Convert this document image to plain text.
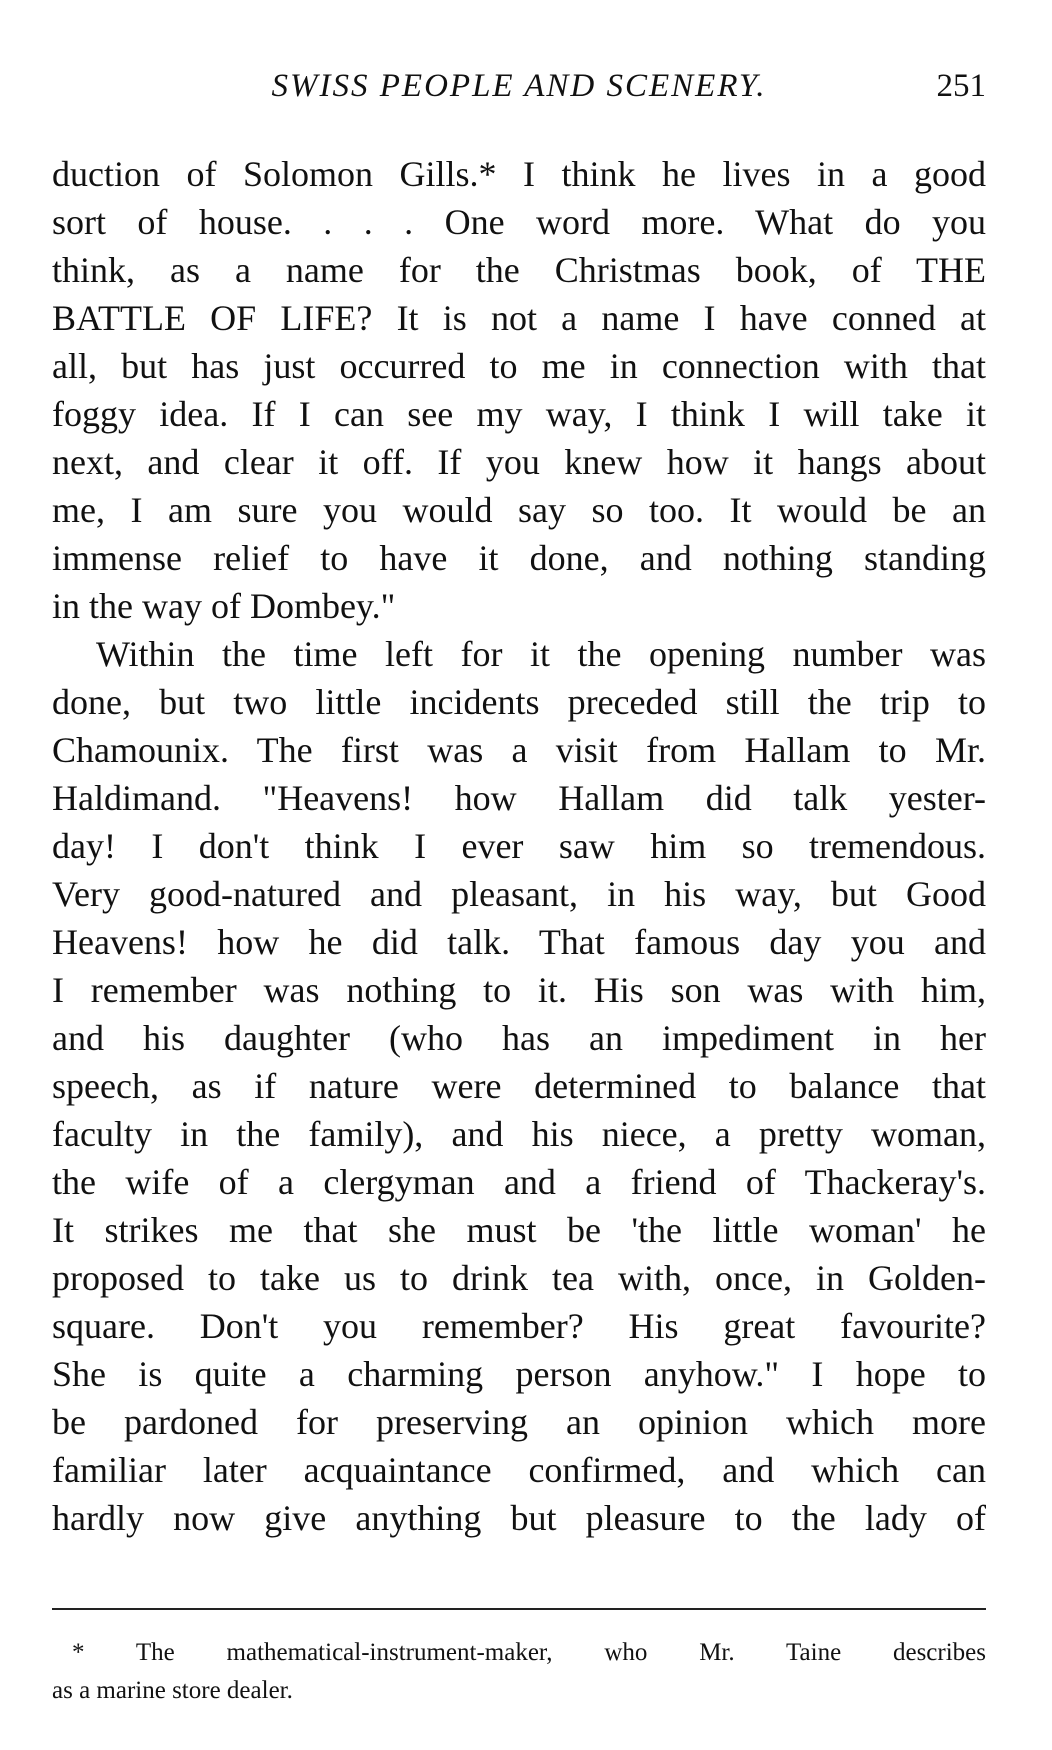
SWISS PEOPLE AND SCENERY.	251
duction of Solomon Gills.* I think he lives in a good
sort of house. . . . One word more. What do you
think, as a name for the Christmas book, of THE
BATTLE OF LIFE? It is not a name I have conned at
all, but has just occurred to me in connection with that
foggy idea. If I can see my way, I think I will take it
next, and clear it off. If you knew how it hangs about
me, I am sure you would say so too. It would be an
immense relief to have it done, and nothing standing
in the way of Dombey."
Within the time left for it the opening number was
done, but two little incidents preceded still the trip to
Chamounix. The first was a visit from Hallam to Mr.
Haldimand. "Heavens! how Hallam did talk yester-
day! I don't think I ever saw him so tremendous.
Very good-natured and pleasant, in his way, but Good
Heavens! how he did talk. That famous day you and
I remember was nothing to it. His son was with him,
and his daughter (who has an impediment in her
speech, as if nature were determined to balance that
faculty in the family), and his niece, a pretty woman,
the wife of a clergyman and a friend of Thackeray's.
It strikes me that she must be 'the little woman' he
proposed to take us to drink tea with, once, in Golden-
square. Don't you remember? His great favourite?
She is quite a charming person anyhow." I hope to
be pardoned for preserving an opinion which more
familiar later acquaintance confirmed, and which can
hardly now give anything but pleasure to the lady of
* The mathematical-instrument-maker, who Mr. Taine describes
as a marine store dealer.
